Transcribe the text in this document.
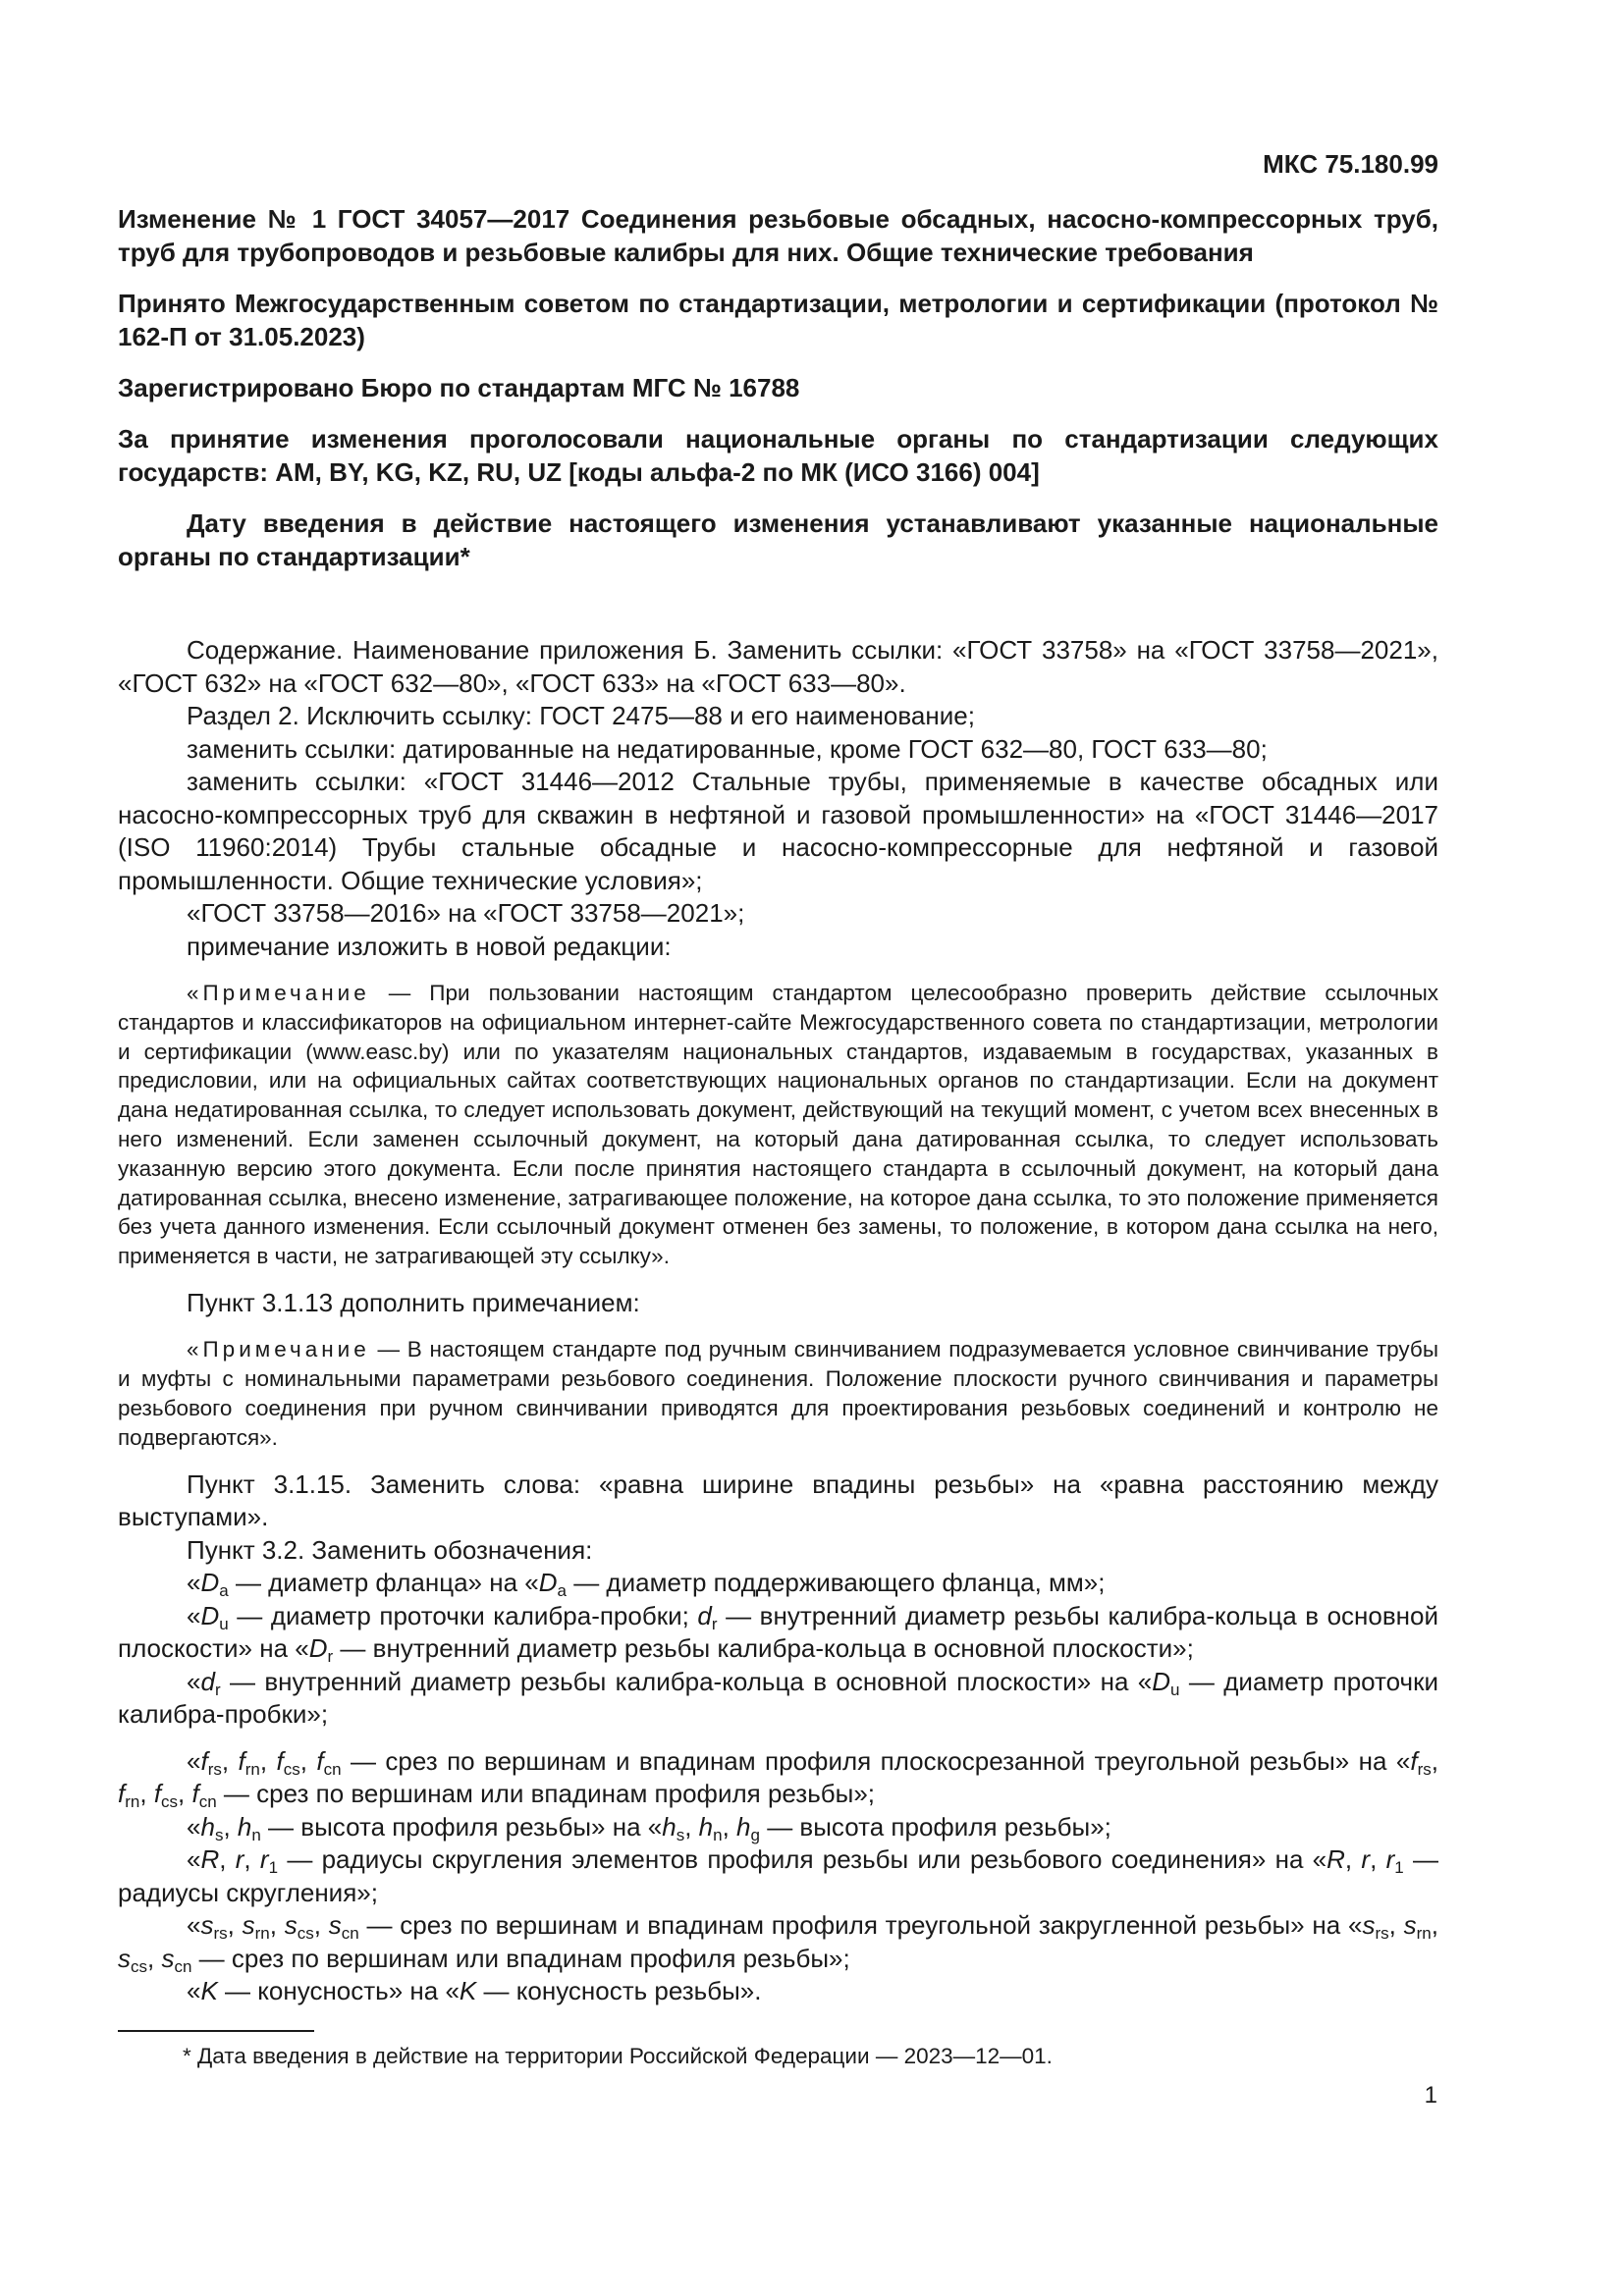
МКС 75.180.99

Изменение № 1 ГОСТ 34057—2017 Соединения резьбовые обсадных, насосно-компрессорных труб, труб для трубопроводов и резьбовые калибры для них. Общие технические требования

Принято Межгосударственным советом по стандартизации, метрологии и сертификации (протокол № 162-П от 31.05.2023)

Зарегистрировано Бюро по стандартам МГС № 16788

За принятие изменения проголосовали национальные органы по стандартизации следующих государств: AM, BY, KG, KZ, RU, UZ [коды альфа-2 по МК (ИСО 3166) 004]

Дату введения в действие настоящего изменения устанавливают указанные национальные органы по стандартизации*

Содержание. Наименование приложения Б. Заменить ссылки: «ГОСТ 33758» на «ГОСТ 33758—2021», «ГОСТ 632» на «ГОСТ 632—80», «ГОСТ 633» на «ГОСТ 633—80».

Раздел 2. Исключить ссылку: ГОСТ 2475—88 и его наименование;

заменить ссылки: датированные на недатированные, кроме ГОСТ 632—80, ГОСТ 633—80;

заменить ссылки: «ГОСТ 31446—2012 Стальные трубы, применяемые в качестве обсадных или насосно-компрессорных труб для скважин в нефтяной и газовой промышленности» на «ГОСТ 31446—2017 (ISO 11960:2014) Трубы стальные обсадные и насосно-компрессорные для нефтяной и газовой промышленности. Общие технические условия»;

«ГОСТ 33758—2016» на «ГОСТ 33758—2021»;

примечание изложить в новой редакции:

«Примечание — При пользовании настоящим стандартом целесообразно проверить действие ссылочных стандартов и классификаторов на официальном интернет-сайте Межгосударственного совета по стандартизации, метрологии и сертификации (www.easc.by) или по указателям национальных стандартов, издаваемым в государствах, указанных в предисловии, или на официальных сайтах соответствующих национальных органов по стандартизации. Если на документ дана недатированная ссылка, то следует использовать документ, действующий на текущий момент, с учетом всех внесенных в него изменений. Если заменен ссылочный документ, на который дана датированная ссылка, то следует использовать указанную версию этого документа. Если после принятия настоящего стандарта в ссылочный документ, на который дана датированная ссылка, внесено изменение, затрагивающее положение, на которое дана ссылка, то это положение применяется без учета данного изменения. Если ссылочный документ отменен без замены, то положение, в котором дана ссылка на него, применяется в части, не затрагивающей эту ссылку».

Пункт 3.1.13 дополнить примечанием:

«Примечание — В настоящем стандарте под ручным свинчиванием подразумевается условное свинчивание трубы и муфты с номинальными параметрами резьбового соединения. Положение плоскости ручного свинчивания и параметры резьбового соединения при ручном свинчивании приводятся для проектирования резьбовых соединений и контролю не подвергаются».

Пункт 3.1.15. Заменить слова: «равна ширине впадины резьбы» на «равна расстоянию между выступами».

Пункт 3.2. Заменить обозначения:

«$D_a$ — диаметр фланца» на «$D_a$ — диаметр поддерживающего фланца, мм»;

«$D_u$ — диаметр проточки калибра-пробки; $d_r$ — внутренний диаметр резьбы калибра-кольца в основной плоскости» на «$D_r$ — внутренний диаметр резьбы калибра-кольца в основной плоскости»;

«$d_r$ — внутренний диаметр резьбы калибра-кольца в основной плоскости» на «$D_u$ — диаметр проточки калибра-пробки»;

«$f_{rs}$, $f_{rn}$, $f_{cs}$, $f_{cn}$ — срез по вершинам и впадинам профиля плоскосрезанной треугольной резьбы» на «$f_{rs}$, $f_{rn}$, $f_{cs}$, $f_{cn}$ — срез по вершинам или впадинам профиля резьбы»;

«$h_s$, $h_n$ — высота профиля резьбы» на «$h_s$, $h_n$, $h_g$ — высота профиля резьбы»;

«R, r, $r_1$ — радиусы скругления элементов профиля резьбы или резьбового соединения» на «R, r, $r_1$ — радиусы скругления»;

«$s_{rs}$, $s_{rn}$, $s_{cs}$, $s_{cn}$ — срез по вершинам и впадинам профиля треугольной закругленной резьбы» на «$s_{rs}$, $s_{rn}$, $s_{cs}$, $s_{cn}$ — срез по вершинам или впадинам профиля резьбы»;

«K — конусность» на «K — конусность резьбы».

* Дата введения в действие на территории Российской Федерации — 2023—12—01.
1
